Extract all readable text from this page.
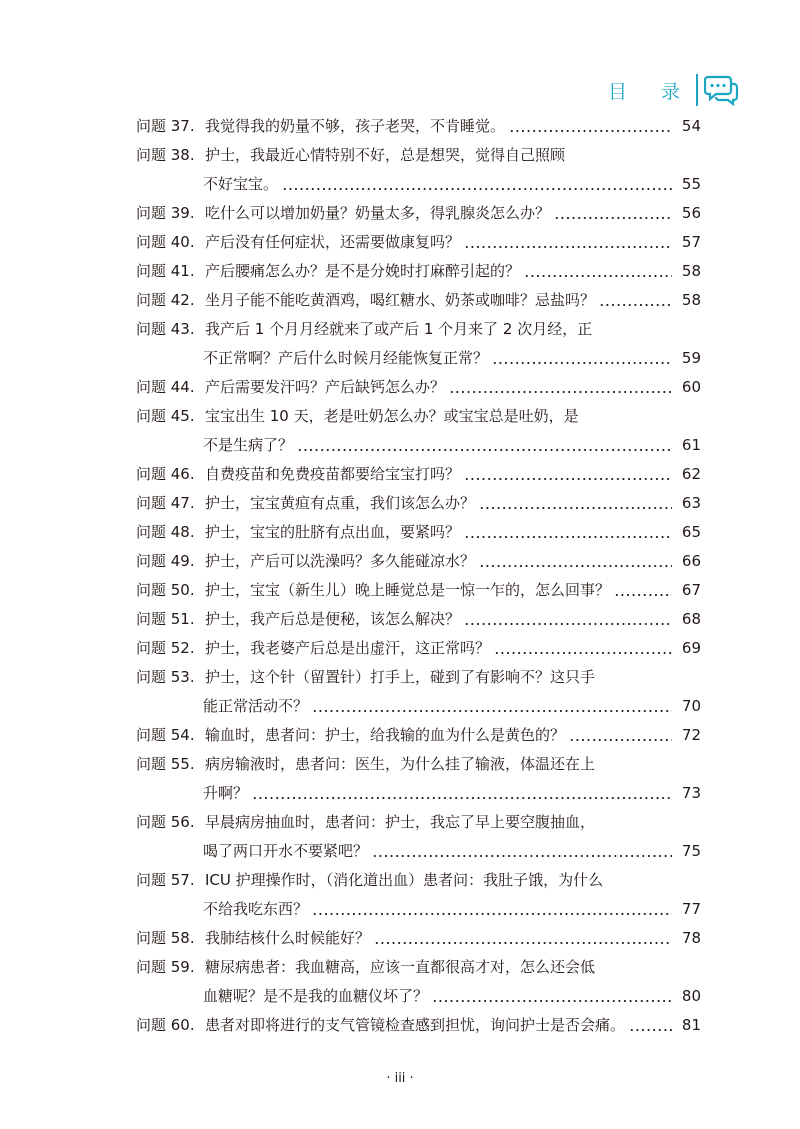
目 录
问题 37. 我觉得我的奶量不够，孩子老哭，不肯睡觉。	54
问题 38. 护士，我最近心情特别不好，总是想哭，觉得自己照顾
不好宝宝。	55
问题 39. 吃什么可以增加奶量？奶量太多，得乳腺炎怎么办？	56
问题 40. 产后没有任何症状，还需要做康复吗？	57
问题 41. 产后腰痛怎么办？是不是分娩时打麻醉引起的？	58
问题 42. 坐月子能不能吃黄酒鸡，喝红糖水、奶茶或咖啡？忌盐吗？	58
问题 43. 我产后 1 个月月经就来了或产后 1 个月来了 2 次月经，正
不正常啊？产后什么时候月经能恢复正常？	59
问题 44. 产后需要发汗吗？产后缺钙怎么办？	60
问题 45. 宝宝出生 10 天，老是吐奶怎么办？或宝宝总是吐奶，是
不是生病了？	61
问题 46. 自费疫苗和免费疫苗都要给宝宝打吗？	62
问题 47. 护士，宝宝黄疸有点重，我们该怎么办？	63
问题 48. 护士，宝宝的肚脐有点出血，要紧吗？	65
问题 49. 护士，产后可以洗澡吗？多久能碰凉水？	66
问题 50. 护士，宝宝（新生儿）晚上睡觉总是一惊一乍的，怎么回事？	67
问题 51. 护士，我产后总是便秘，该怎么解决？	68
问题 52. 护士，我老婆产后总是出虚汗，这正常吗？	69
问题 53. 护士，这个针（留置针）打手上，碰到了有影响不？这只手
能正常活动不？	70
问题 54. 输血时，患者问：护士，给我输的血为什么是黄色的？	72
问题 55. 病房输液时，患者问：医生，为什么挂了输液，体温还在上
升啊？	73
问题 56. 早晨病房抽血时，患者问：护士，我忘了早上要空腹抽血，
喝了两口开水不要紧吧？	75
问题 57. ICU 护理操作时，（消化道出血）患者问：我肚子饿，为什么
不给我吃东西？	77
问题 58. 我肺结核什么时候能好？	78
问题 59. 糖尿病患者：我血糖高，应该一直都很高才对，怎么还会低
血糖呢？是不是我的血糖仪坏了？	80
问题 60. 患者对即将进行的支气管镜检查感到担忧，询问护士是否会痛。	81
· iii ·
